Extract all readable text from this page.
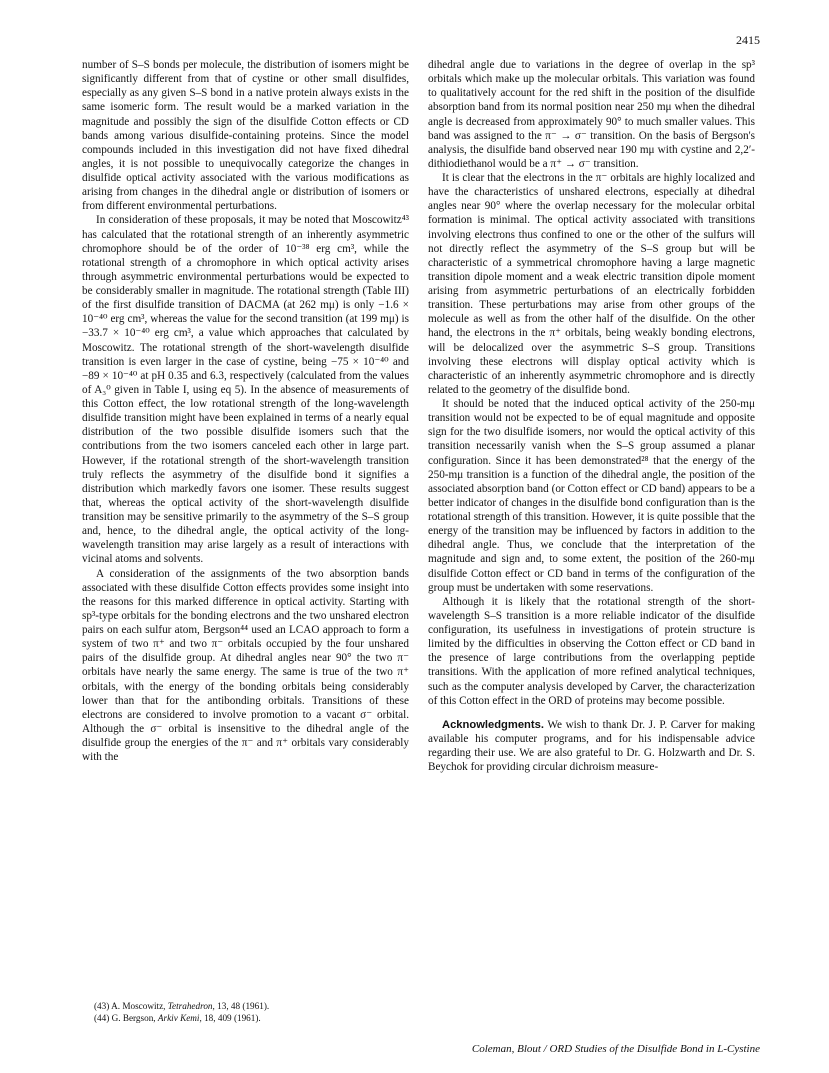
2415

number of S–S bonds per molecule, the distribution of isomers might be significantly different from that of cystine or other small disulfides, especially as any given S–S bond in a native protein always exists in the same isomeric form. The result would be a marked variation in the magnitude and possibly the sign of the disulfide Cotton effects or CD bands among various disulfide-containing proteins. Since the model compounds included in this investigation did not have fixed dihedral angles, it is not possible to unequivocally categorize the changes in disulfide optical activity associated with the various modifications as arising from changes in the dihedral angle or distribution of isomers or from different environmental perturbations.

In consideration of these proposals, it may be noted that Moscowitz⁴³ has calculated that the rotational strength of an inherently asymmetric chromophore should be of the order of 10⁻³⁸ erg cm³, while the rotational strength of a chromophore in which optical activity arises through asymmetric environmental perturbations would be expected to be considerably smaller in magnitude. The rotational strength (Table III) of the first disulfide transition of DACMA (at 262 mμ) is only −1.6 × 10⁻⁴⁰ erg cm³, whereas the value for the second transition (at 199 mμ) is −33.7 × 10⁻⁴⁰ erg cm³, a value which approaches that calculated by Moscowitz. The rotational strength of the short-wavelength disulfide transition is even larger in the case of cystine, being −75 × 10⁻⁴⁰ and −89 × 10⁻⁴⁰ at pH 0.35 and 6.3, respectively (calculated from the values of A₃⁰ given in Table I, using eq 5). In the absence of measurements of this Cotton effect, the low rotational strength of the long-wavelength disulfide transition might have been explained in terms of a nearly equal distribution of the two possible disulfide isomers such that the contributions from the two isomers canceled each other in large part. However, if the rotational strength of the short-wavelength transition truly reflects the asymmetry of the disulfide bond it signifies a distribution which markedly favors one isomer. These results suggest that, whereas the optical activity of the short-wavelength disulfide transition may be sensitive primarily to the asymmetry of the S–S group and, hence, to the dihedral angle, the optical activity of the long-wavelength transition may arise largely as a result of interactions with vicinal atoms and solvents.

A consideration of the assignments of the two absorption bands associated with these disulfide Cotton effects provides some insight into the reasons for this marked difference in optical activity. Starting with sp³-type orbitals for the bonding electrons and the two unshared electron pairs on each sulfur atom, Bergson⁴⁴ used an LCAO approach to form a system of two π⁺ and two π⁻ orbitals occupied by the four unshared pairs of the disulfide group. At dihedral angles near 90° the two π⁻ orbitals have nearly the same energy. The same is true of the two π⁺ orbitals, with the energy of the bonding orbitals being considerably lower than that for the antibonding orbitals. Transitions of these electrons are considered to involve promotion to a vacant σ⁻ orbital. Although the σ⁻ orbital is insensitive to the dihedral angle of the disulfide group the energies of the π⁻ and π⁺ orbitals vary considerably with the

dihedral angle due to variations in the degree of overlap in the sp³ orbitals which make up the molecular orbitals. This variation was found to qualitatively account for the red shift in the position of the disulfide absorption band from its normal position near 250 mμ when the dihedral angle is decreased from approximately 90° to much smaller values. This band was assigned to the π⁻ → σ⁻ transition. On the basis of Bergson's analysis, the disulfide band observed near 190 mμ with cystine and 2,2′-dithiodiethanol would be a π⁺ → σ⁻ transition.

It is clear that the electrons in the π⁻ orbitals are highly localized and have the characteristics of unshared electrons, especially at dihedral angles near 90° where the overlap necessary for the molecular orbital formation is minimal. The optical activity associated with transitions involving electrons thus confined to one or the other of the sulfurs will not directly reflect the asymmetry of the S–S group but will be characteristic of a symmetrical chromophore having a large magnetic transition dipole moment and a weak electric transition dipole moment arising from asymmetric perturbations of an electrically forbidden transition. These perturbations may arise from other groups of the molecule as well as from the other half of the disulfide. On the other hand, the electrons in the π⁺ orbitals, being weakly bonding electrons, will be delocalized over the asymmetric S–S group. Transitions involving these electrons will display optical activity which is characteristic of an inherently asymmetric chromophore and is directly related to the geometry of the disulfide bond.

It should be noted that the induced optical activity of the 250-mμ transition would not be expected to be of equal magnitude and opposite sign for the two disulfide isomers, nor would the optical activity of this transition necessarily vanish when the S–S group assumed a planar configuration. Since it has been demonstrated²⁸ that the energy of the 250-mμ transition is a function of the dihedral angle, the position of the associated absorption band (or Cotton effect or CD band) appears to be a better indicator of changes in the disulfide bond configuration than is the rotational strength of this transition. However, it is quite possible that the energy of the transition may be influenced by factors in addition to the dihedral angle. Thus, we conclude that the interpretation of the magnitude and sign and, to some extent, the position of the 260-mμ disulfide Cotton effect or CD band in terms of the configuration of the group must be undertaken with some reservations.

Although it is likely that the rotational strength of the short-wavelength S–S transition is a more reliable indicator of the disulfide configuration, its usefulness in investigations of protein structure is limited by the difficulties in observing the Cotton effect or CD band in the presence of large contributions from the overlapping peptide transitions. With the application of more refined analytical techniques, such as the computer analysis developed by Carver, the characterization of this Cotton effect in the ORD of proteins may become possible.

Acknowledgments. We wish to thank Dr. J. P. Carver for making available his computer programs, and for his indispensable advice regarding their use. We are also grateful to Dr. G. Holzwarth and Dr. S. Beychok for providing circular dichroism measure-

(43) A. Moscowitz, Tetrahedron, 13, 48 (1961).
(44) G. Bergson, Arkiv Kemi, 18, 409 (1961).
Coleman, Blout / ORD Studies of the Disulfide Bond in L-Cystine
